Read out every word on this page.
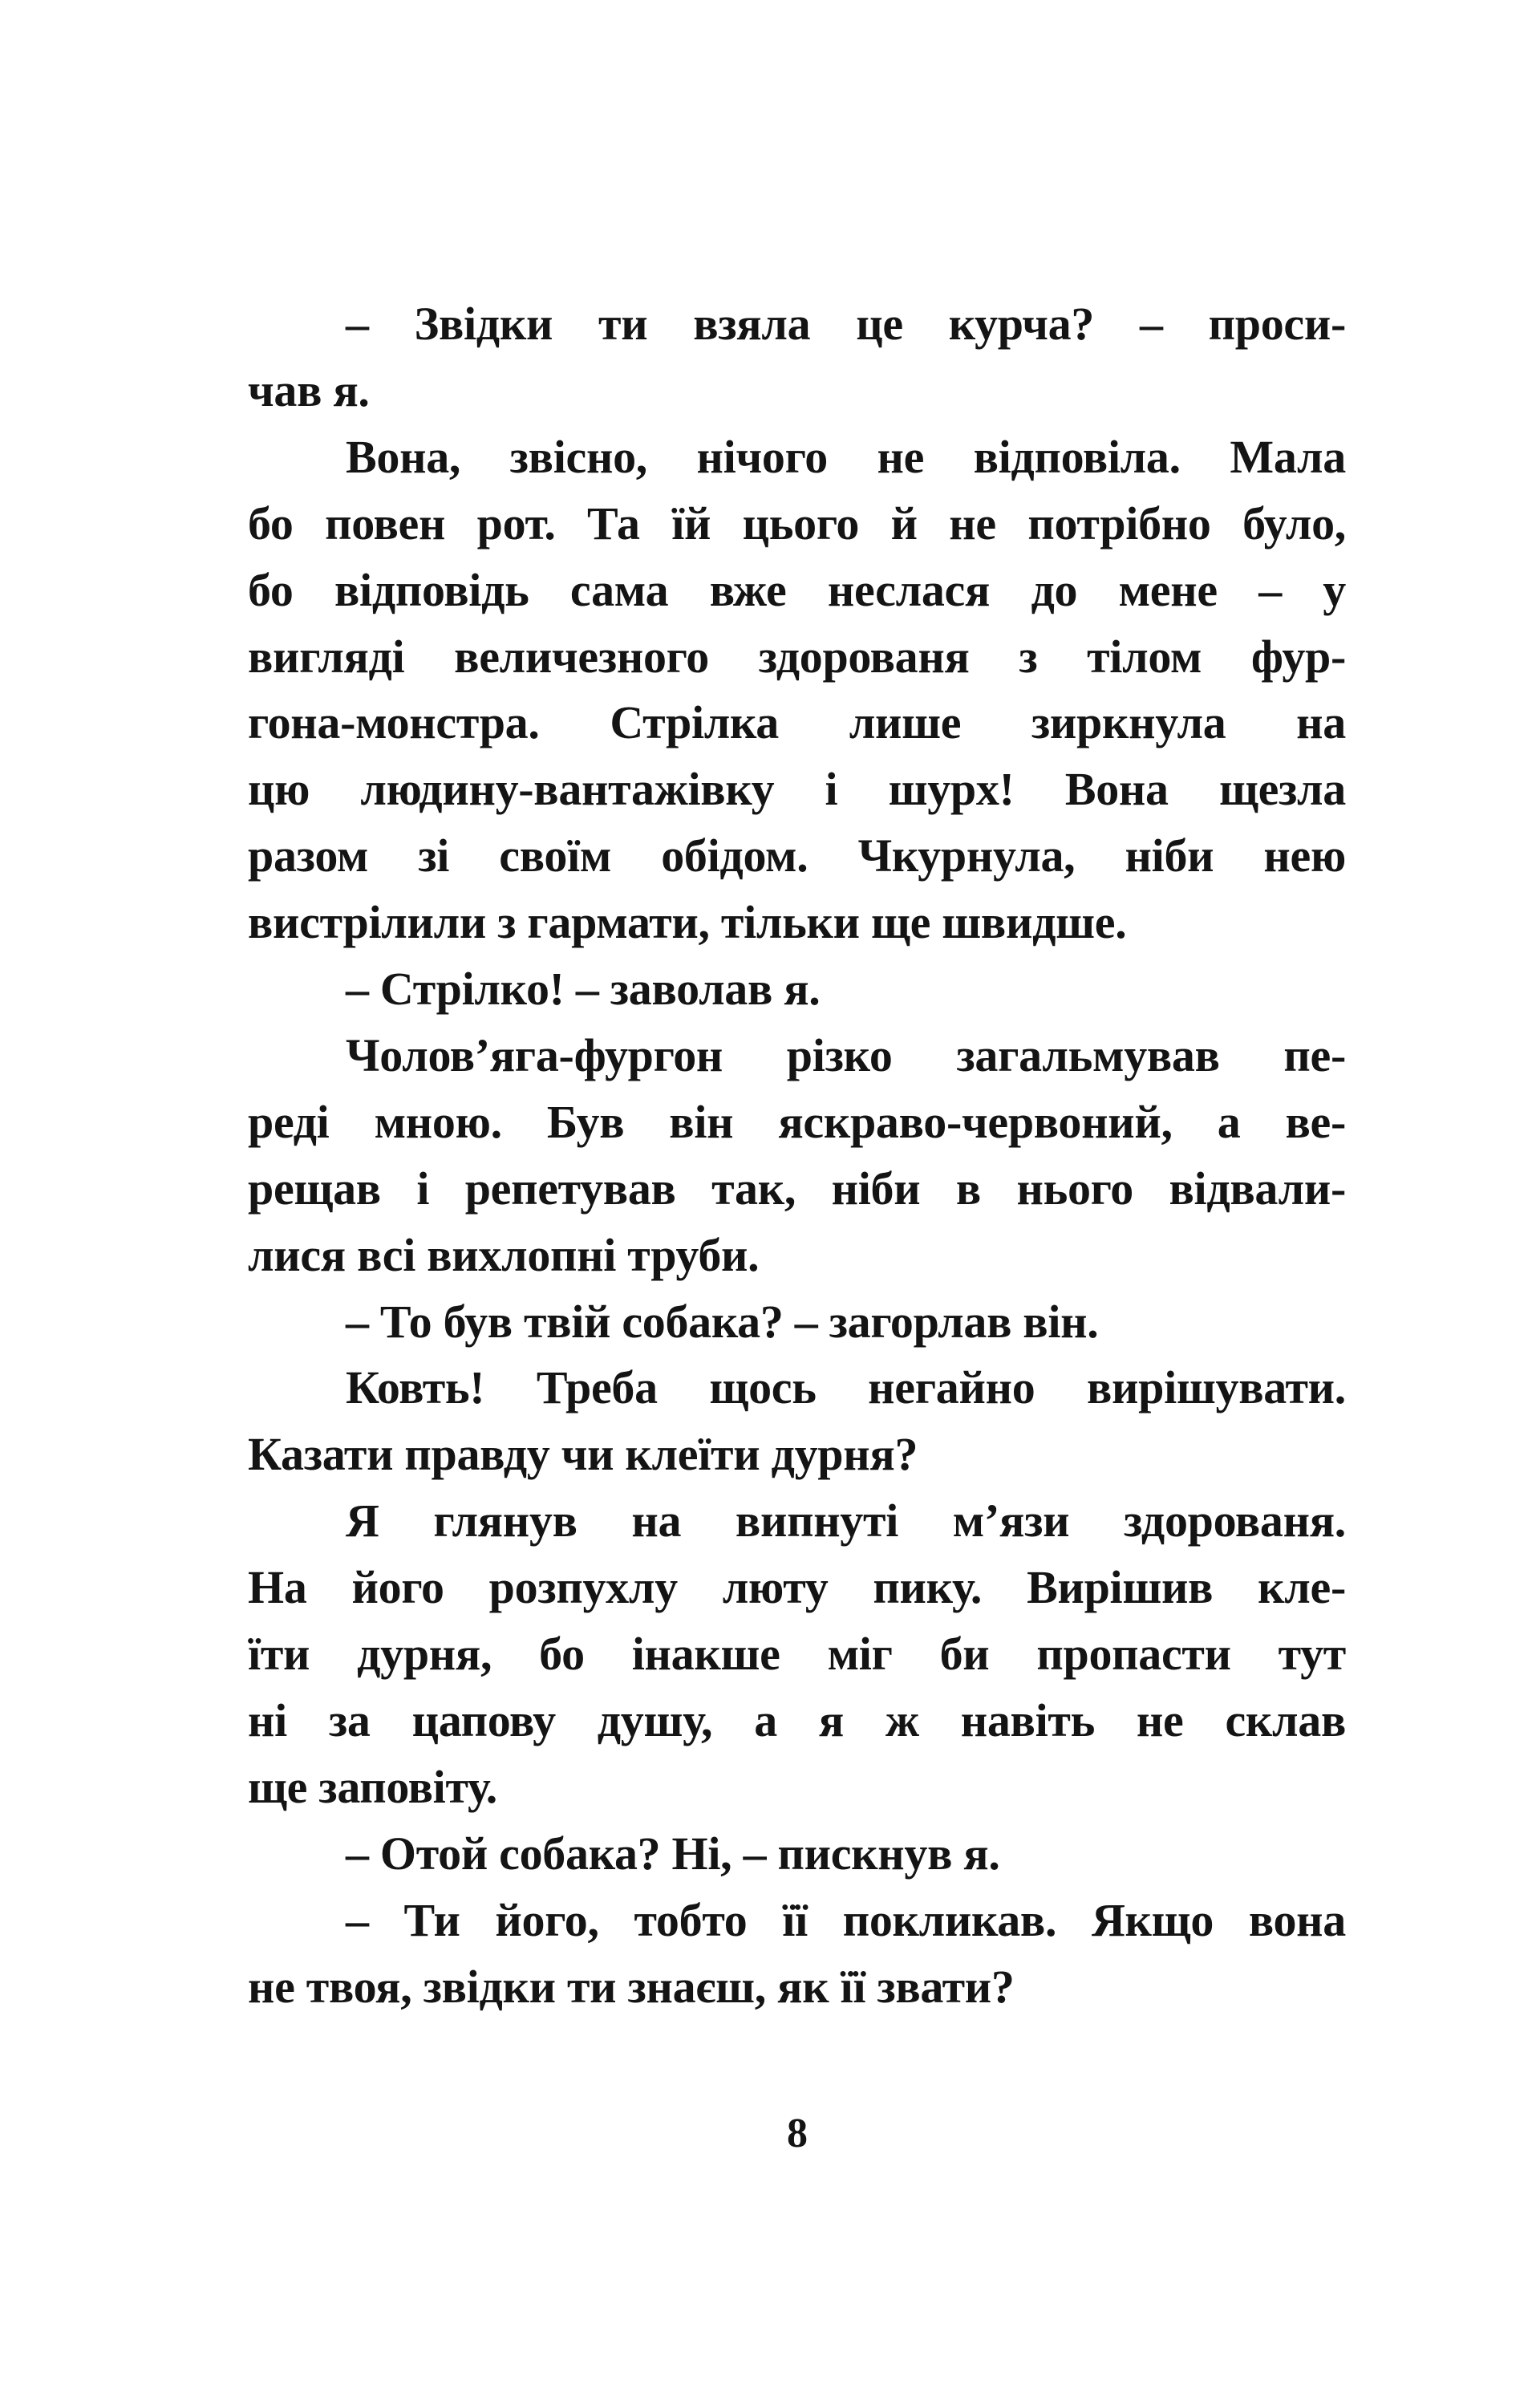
– Звідки ти взяла це курча? – проси-
чав я.
Вона, звісно, нічого не відповіла. Мала
бо повен рот. Та їй цього й не потрібно було,
бо відповідь сама вже неслася до мене – у
вигляді величезного здорованя з тілом фур-
гона-монстра. Стрілка лише зиркнула на
цю людину-вантажівку і шурх! Вона щезла
разом зі своїм обідом. Чкурнула, ніби нею
вистрілили з гармати, тільки ще швидше.
– Стрілко! – заволав я.
Чолов’яга-фургон різко загальмував пе-
реді мною. Був він яскраво-червоний, а ве-
рещав і репетував так, ніби в нього відвали-
лися всі вихлопні труби.
– То був твій собака? – загорлав він.
Ковть! Треба щось негайно вирішувати.
Казати правду чи клеїти дурня?
Я глянув на випнуті м’язи здорованя.
На його розпухлу люту пику. Вирішив кле-
їти дурня, бо інакше міг би пропасти тут
ні за цапову душу, а я ж навіть не склав
ще заповіту.
– Отой собака? Ні, – пискнув я.
– Ти його, тобто її покликав. Якщо вона
не твоя, звідки ти знаєш, як її звати?
8
